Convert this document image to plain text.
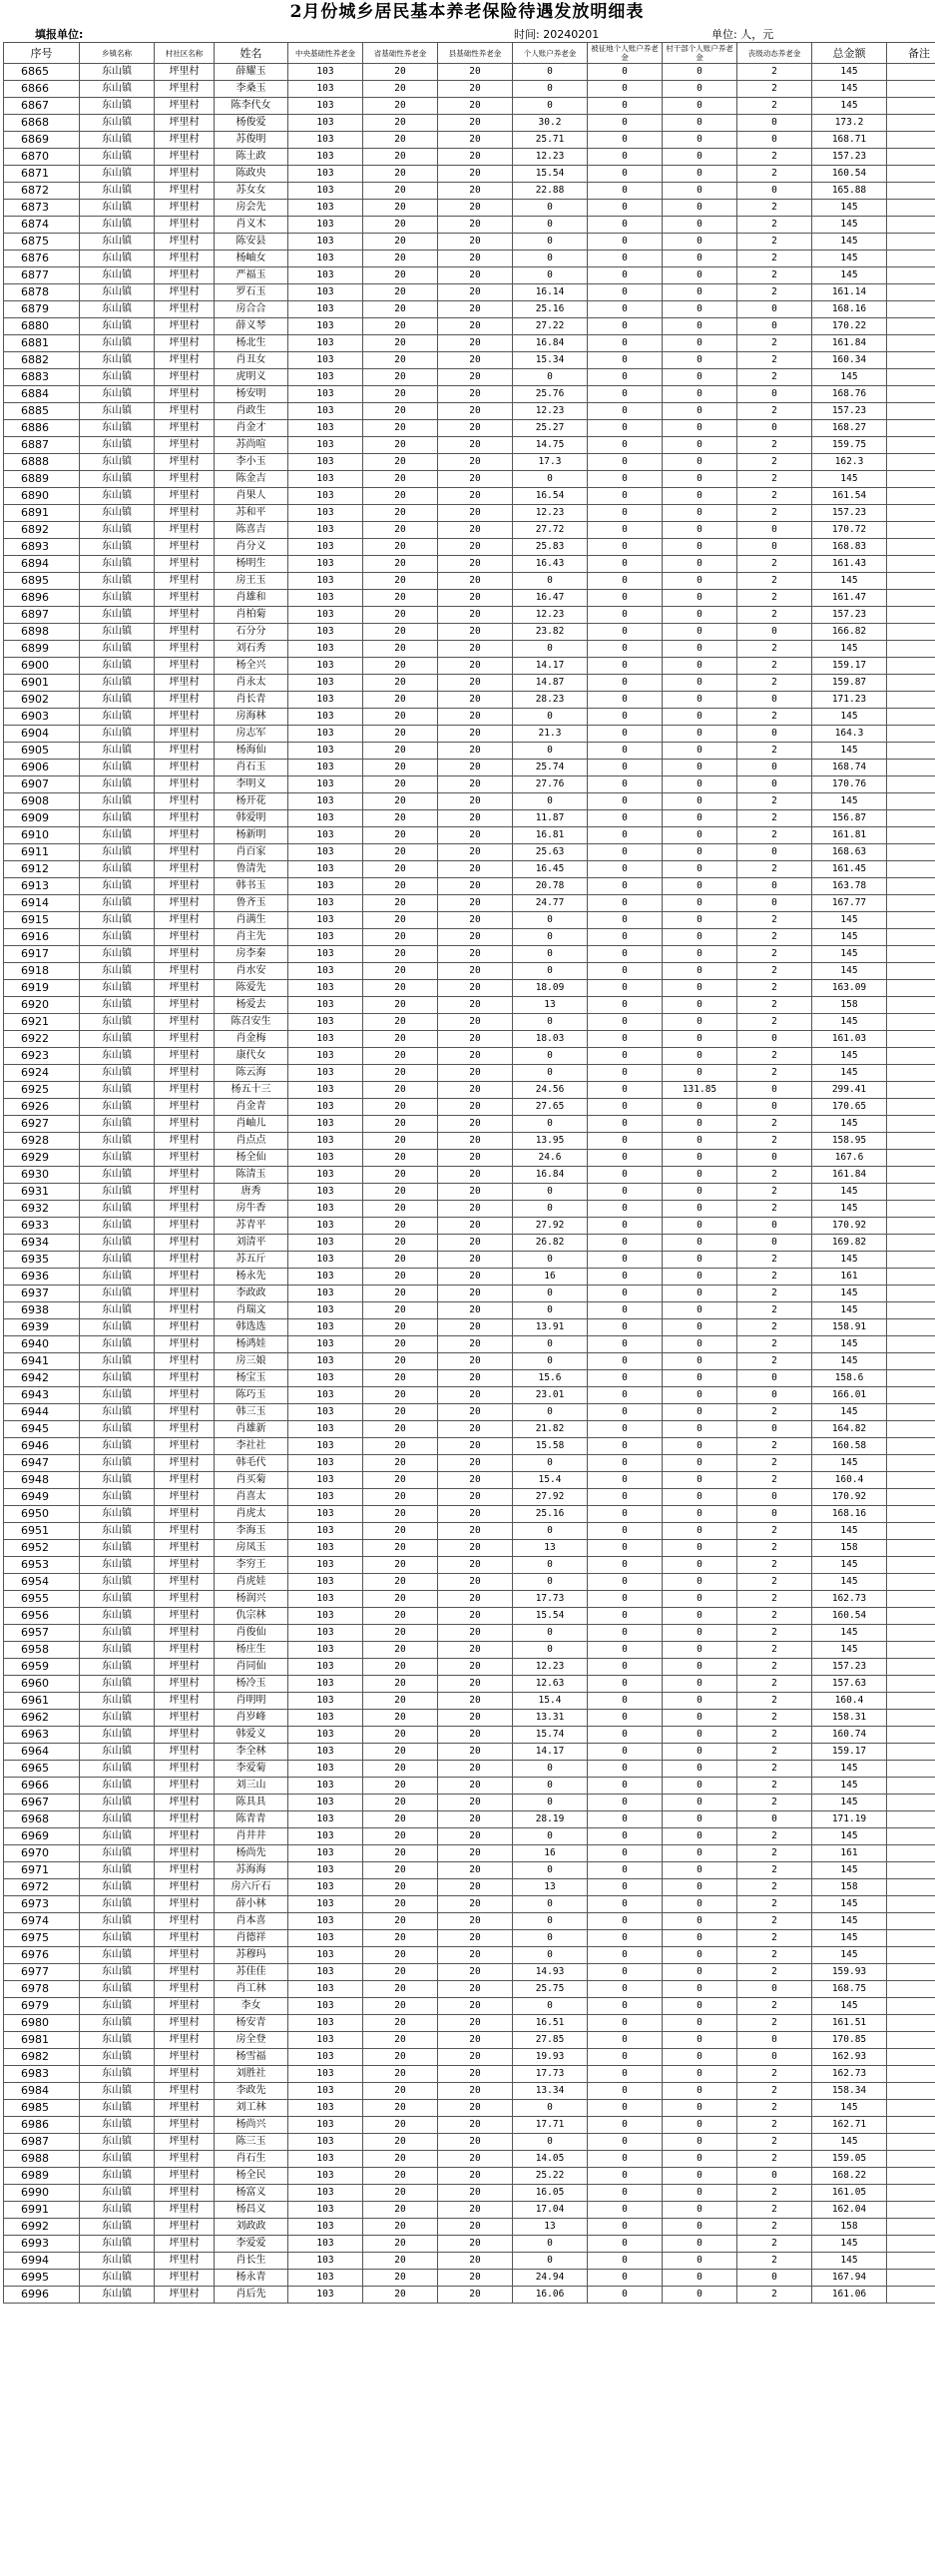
2月份城乡居民基本养老保险待遇发放明细表
填报单位:	时间: 20240201	单位: 人，元
序号	乡镇名称	村社区名称	姓名	中央基础性养老金	省基础性养老金	县基础性养老金	个人账户养老金	被征地个人账户养老金	村干部个人账户养老金	丧级动态养老金	总金额	备注
6865	东山镇	坪里村	薛耀玉	103	20	20	0	0	0	2	145	
6866	东山镇	坪里村	李桑玉	103	20	20	0	0	0	2	145	
6867	东山镇	坪里村	陈李代女	103	20	20	0	0	0	2	145	
6868	东山镇	坪里村	杨俊爱	103	20	20	30.2	0	0	0	173.2	
6869	东山镇	坪里村	苏俊明	103	20	20	25.71	0	0	0	168.71	
6870	东山镇	坪里村	陈土政	103	20	20	12.23	0	0	2	157.23	
6871	东山镇	坪里村	陈政央	103	20	20	15.54	0	0	2	160.54	
6872	东山镇	坪里村	苏女女	103	20	20	22.88	0	0	0	165.88	
6873	东山镇	坪里村	房会先	103	20	20	0	0	0	2	145	
6874	东山镇	坪里村	肖义木	103	20	20	0	0	0	2	145	
6875	东山镇	坪里村	陈安县	103	20	20	0	0	0	2	145	
6876	东山镇	坪里村	杨岫女	103	20	20	0	0	0	2	145	
6877	东山镇	坪里村	严福玉	103	20	20	0	0	0	2	145	
6878	东山镇	坪里村	罗石玉	103	20	20	16.14	0	0	2	161.14	
6879	东山镇	坪里村	房合合	103	20	20	25.16	0	0	0	168.16	
6880	东山镇	坪里村	薛义琴	103	20	20	27.22	0	0	0	170.22	
6881	东山镇	坪里村	杨北生	103	20	20	16.84	0	0	2	161.84	
6882	东山镇	坪里村	肖丑女	103	20	20	15.34	0	0	2	160.34	
6883	东山镇	坪里村	虎明义	103	20	20	0	0	0	2	145	
6884	东山镇	坪里村	杨安明	103	20	20	25.76	0	0	0	168.76	
6885	东山镇	坪里村	肖政生	103	20	20	12.23	0	0	2	157.23	
6886	东山镇	坪里村	肖金才	103	20	20	25.27	0	0	0	168.27	
6887	东山镇	坪里村	苏尚喧	103	20	20	14.75	0	0	2	159.75	
6888	东山镇	坪里村	李小玉	103	20	20	17.3	0	0	2	162.3	
6889	东山镇	坪里村	陈金吉	103	20	20	0	0	0	2	145	
6890	东山镇	坪里村	肖果人	103	20	20	16.54	0	0	2	161.54	
6891	东山镇	坪里村	苏和平	103	20	20	12.23	0	0	2	157.23	
6892	东山镇	坪里村	陈喜吉	103	20	20	27.72	0	0	0	170.72	
6893	东山镇	坪里村	肖分义	103	20	20	25.83	0	0	0	168.83	
6894	东山镇	坪里村	杨明生	103	20	20	16.43	0	0	2	161.43	
6895	东山镇	坪里村	房王玉	103	20	20	0	0	0	2	145	
6896	东山镇	坪里村	肖雄和	103	20	20	16.47	0	0	2	161.47	
6897	东山镇	坪里村	肖柏菊	103	20	20	12.23	0	0	2	157.23	
6898	东山镇	坪里村	石分分	103	20	20	23.82	0	0	0	166.82	
6899	东山镇	坪里村	刘石秀	103	20	20	0	0	0	2	145	
6900	东山镇	坪里村	杨全兴	103	20	20	14.17	0	0	2	159.17	
6901	东山镇	坪里村	肖永太	103	20	20	14.87	0	0	2	159.87	
6902	东山镇	坪里村	肖长青	103	20	20	28.23	0	0	0	171.23	
6903	东山镇	坪里村	房海林	103	20	20	0	0	0	2	145	
6904	东山镇	坪里村	房志军	103	20	20	21.3	0	0	0	164.3	
6905	东山镇	坪里村	杨海仙	103	20	20	0	0	0	2	145	
6906	东山镇	坪里村	肖石玉	103	20	20	25.74	0	0	0	168.74	
6907	东山镇	坪里村	李明义	103	20	20	27.76	0	0	0	170.76	
6908	东山镇	坪里村	杨开花	103	20	20	0	0	0	2	145	
6909	东山镇	坪里村	韩爱明	103	20	20	11.87	0	0	2	156.87	
6910	东山镇	坪里村	杨新明	103	20	20	16.81	0	0	2	161.81	
6911	东山镇	坪里村	肖百家	103	20	20	25.63	0	0	0	168.63	
6912	东山镇	坪里村	鲁清先	103	20	20	16.45	0	0	2	161.45	
6913	东山镇	坪里村	韩书玉	103	20	20	20.78	0	0	0	163.78	
6914	东山镇	坪里村	鲁齐玉	103	20	20	24.77	0	0	0	167.77	
6915	东山镇	坪里村	肖满生	103	20	20	0	0	0	2	145	
6916	东山镇	坪里村	肖主先	103	20	20	0	0	0	2	145	
6917	东山镇	坪里村	房李秦	103	20	20	0	0	0	2	145	
6918	东山镇	坪里村	肖水安	103	20	20	0	0	0	2	145	
6919	东山镇	坪里村	陈爱先	103	20	20	18.09	0	0	2	163.09	
6920	东山镇	坪里村	杨爱去	103	20	20	13	0	0	2	158	
6921	东山镇	坪里村	陈召安生	103	20	20	0	0	0	2	145	
6922	东山镇	坪里村	肖金梅	103	20	20	18.03	0	0	0	161.03	
6923	东山镇	坪里村	康代女	103	20	20	0	0	0	2	145	
6924	东山镇	坪里村	陈云海	103	20	20	0	0	0	2	145	
6925	东山镇	坪里村	杨五十三	103	20	20	24.56	0	131.85	0	299.41	
6926	东山镇	坪里村	肖金青	103	20	20	27.65	0	0	0	170.65	
6927	东山镇	坪里村	肖岫儿	103	20	20	0	0	0	2	145	
6928	东山镇	坪里村	肖点点	103	20	20	13.95	0	0	2	158.95	
6929	东山镇	坪里村	杨全仙	103	20	20	24.6	0	0	0	167.6	
6930	东山镇	坪里村	陈清玉	103	20	20	16.84	0	0	2	161.84	
6931	东山镇	坪里村	唐秀	103	20	20	0	0	0	2	145	
6932	东山镇	坪里村	房牛香	103	20	20	0	0	0	2	145	
6933	东山镇	坪里村	苏青平	103	20	20	27.92	0	0	0	170.92	
6934	东山镇	坪里村	刘清平	103	20	20	26.82	0	0	0	169.82	
6935	东山镇	坪里村	苏五斤	103	20	20	0	0	0	2	145	
6936	东山镇	坪里村	杨永先	103	20	20	16	0	0	2	161	
6937	东山镇	坪里村	李政政	103	20	20	0	0	0	2	145	
6938	东山镇	坪里村	肖瑞文	103	20	20	0	0	0	2	145	
6939	东山镇	坪里村	韩选选	103	20	20	13.91	0	0	2	158.91	
6940	东山镇	坪里村	杨鸿娃	103	20	20	0	0	0	2	145	
6941	东山镇	坪里村	房三娘	103	20	20	0	0	0	2	145	
6942	东山镇	坪里村	杨宝玉	103	20	20	15.6	0	0	0	158.6	
6943	东山镇	坪里村	陈巧玉	103	20	20	23.01	0	0	0	166.01	
6944	东山镇	坪里村	韩三玉	103	20	20	0	0	0	2	145	
6945	东山镇	坪里村	肖雄新	103	20	20	21.82	0	0	0	164.82	
6946	东山镇	坪里村	李社社	103	20	20	15.58	0	0	2	160.58	
6947	东山镇	坪里村	韩毛代	103	20	20	0	0	0	2	145	
6948	东山镇	坪里村	肖买菊	103	20	20	15.4	0	0	2	160.4	
6949	东山镇	坪里村	肖喜太	103	20	20	27.92	0	0	0	170.92	
6950	东山镇	坪里村	肖虎太	103	20	20	25.16	0	0	0	168.16	
6951	东山镇	坪里村	李海玉	103	20	20	0	0	0	2	145	
6952	东山镇	坪里村	房凤玉	103	20	20	13	0	0	2	158	
6953	东山镇	坪里村	李穷王	103	20	20	0	0	0	2	145	
6954	东山镇	坪里村	肖虎娃	103	20	20	0	0	0	2	145	
6955	东山镇	坪里村	杨润兴	103	20	20	17.73	0	0	2	162.73	
6956	东山镇	坪里村	仇宗林	103	20	20	15.54	0	0	2	160.54	
6957	东山镇	坪里村	肖俊仙	103	20	20	0	0	0	2	145	
6958	东山镇	坪里村	杨庄生	103	20	20	0	0	0	2	145	
6959	东山镇	坪里村	肖同仙	103	20	20	12.23	0	0	2	157.23	
6960	东山镇	坪里村	杨冷玉	103	20	20	12.63	0	0	2	157.63	
6961	东山镇	坪里村	肖明明	103	20	20	15.4	0	0	2	160.4	
6962	东山镇	坪里村	肖岁峰	103	20	20	13.31	0	0	2	158.31	
6963	东山镇	坪里村	韩爱义	103	20	20	15.74	0	0	2	160.74	
6964	东山镇	坪里村	李全林	103	20	20	14.17	0	0	2	159.17	
6965	东山镇	坪里村	李爱菊	103	20	20	0	0	0	2	145	
6966	东山镇	坪里村	刘三山	103	20	20	0	0	0	2	145	
6967	东山镇	坪里村	陈具具	103	20	20	0	0	0	2	145	
6968	东山镇	坪里村	陈青青	103	20	20	28.19	0	0	0	171.19	
6969	东山镇	坪里村	肖井井	103	20	20	0	0	0	2	145	
6970	东山镇	坪里村	杨尚先	103	20	20	16	0	0	2	161	
6971	东山镇	坪里村	苏海海	103	20	20	0	0	0	2	145	
6972	东山镇	坪里村	房六斤石	103	20	20	13	0	0	2	158	
6973	东山镇	坪里村	薛小林	103	20	20	0	0	0	2	145	
6974	东山镇	坪里村	肖本喜	103	20	20	0	0	0	2	145	
6975	东山镇	坪里村	肖德祥	103	20	20	0	0	0	2	145	
6976	东山镇	坪里村	苏穆玛	103	20	20	0	0	0	2	145	
6977	东山镇	坪里村	苏佳佳	103	20	20	14.93	0	0	2	159.93	
6978	东山镇	坪里村	肖工林	103	20	20	25.75	0	0	0	168.75	
6979	东山镇	坪里村	李女	103	20	20	0	0	0	2	145	
6980	东山镇	坪里村	杨安青	103	20	20	16.51	0	0	2	161.51	
6981	东山镇	坪里村	房全登	103	20	20	27.85	0	0	0	170.85	
6982	东山镇	坪里村	杨雪福	103	20	20	19.93	0	0	0	162.93	
6983	东山镇	坪里村	刘胜社	103	20	20	17.73	0	0	2	162.73	
6984	东山镇	坪里村	李政先	103	20	20	13.34	0	0	2	158.34	
6985	东山镇	坪里村	刘工林	103	20	20	0	0	0	2	145	
6986	东山镇	坪里村	杨尚兴	103	20	20	17.71	0	0	2	162.71	
6987	东山镇	坪里村	陈三玉	103	20	20	0	0	0	2	145	
6988	东山镇	坪里村	肖石生	103	20	20	14.05	0	0	2	159.05	
6989	东山镇	坪里村	杨全民	103	20	20	25.22	0	0	0	168.22	
6990	东山镇	坪里村	杨富义	103	20	20	16.05	0	0	2	161.05	
6991	东山镇	坪里村	杨昌义	103	20	20	17.04	0	0	2	162.04	
6992	东山镇	坪里村	刘政政	103	20	20	13	0	0	2	158	
6993	东山镇	坪里村	李爱爱	103	20	20	0	0	0	2	145	
6994	东山镇	坪里村	肖长生	103	20	20	0	0	0	2	145	
6995	东山镇	坪里村	杨永青	103	20	20	24.94	0	0	0	167.94	
6996	东山镇	坪里村	肖后先	103	20	20	16.06	0	0	2	161.06	
